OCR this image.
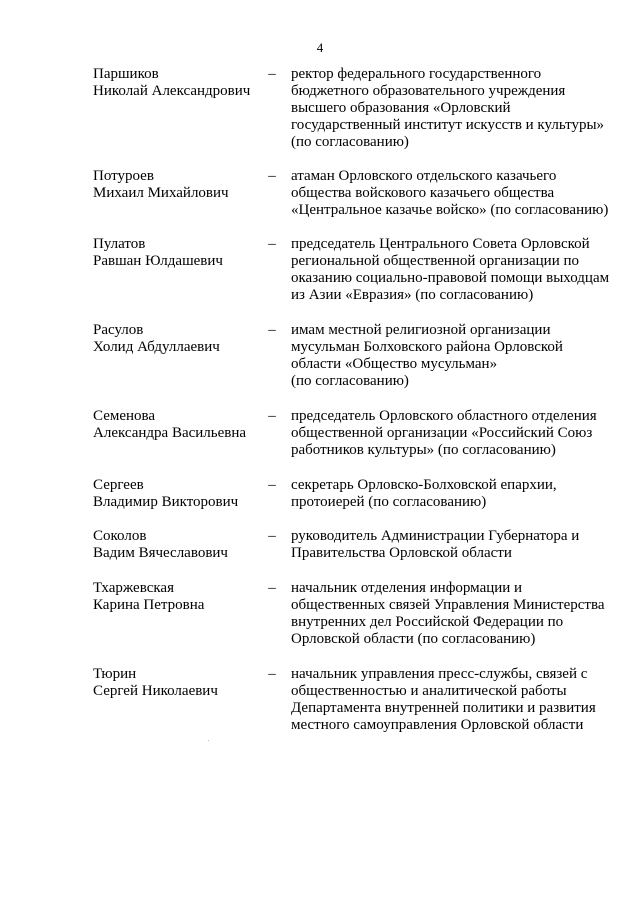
4
Паршиков
Николай Александрович
– ректор федерального государственного
бюджетного образовательного учреждения
высшего образования «Орловский
государственный институт искусств и культуры»
(по согласованию)
Потуроев
Михаил Михайлович
– атаман Орловского отдельского казачьего
общества войскового казачьего общества
«Центральное казачье войско» (по согласованию)
Пулатов
Равшан Юлдашевич
– председатель Центрального Совета Орловской
региональной общественной организации по
оказанию социально-правовой помощи выходцам
из Азии «Евразия» (по согласованию)
Расулов
Холид Абдуллаевич
– имам местной религиозной организации
мусульман Болховского района Орловской
области «Общество мусульман»
(по согласованию)
Семенова
Александра Васильевна
– председатель Орловского областного отделения
общественной организации «Российский Союз
работников культуры» (по согласованию)
Сергеев
Владимир Викторович
– секретарь Орловско-Болховской епархии,
протоиерей (по согласованию)
Соколов
Вадим Вячеславович
– руководитель Администрации Губернатора и
Правительства Орловской области
Тхаржевская
Карина Петровна
– начальник отделения информации и
общественных связей Управления Министерства
внутренних дел Российской Федерации по
Орловской области (по согласованию)
Тюрин
Сергей Николаевич
– начальник управления пресс-службы, связей с
общественностью и аналитической работы
Департамента внутренней политики и развития
местного самоуправления Орловской области
